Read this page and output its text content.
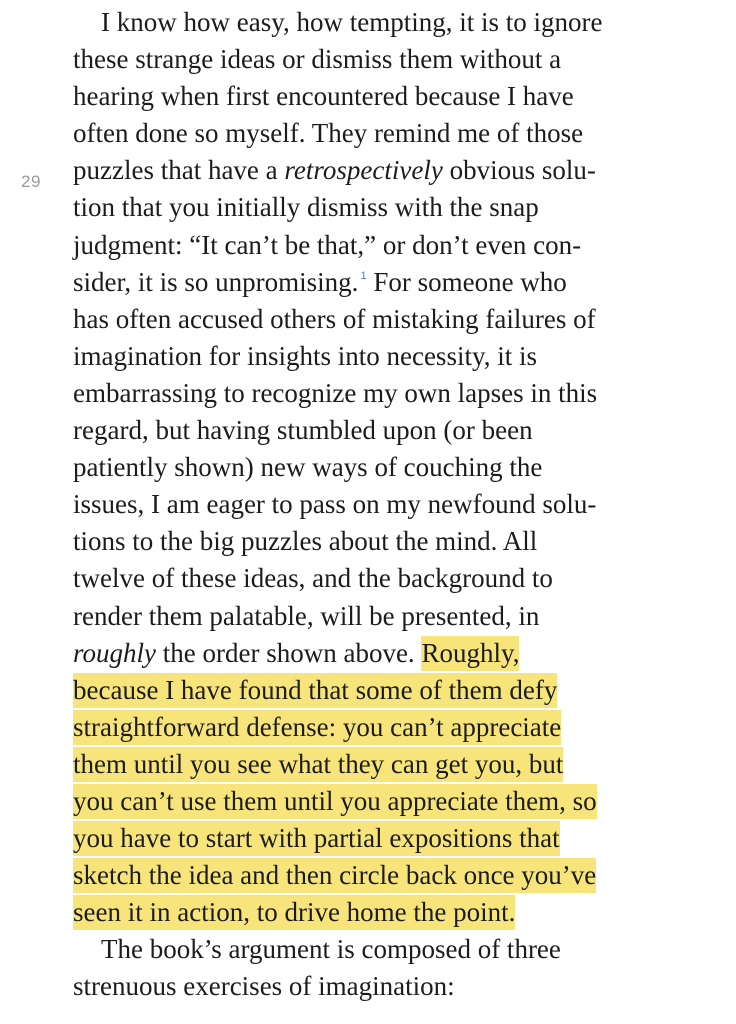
29
I know how easy, how tempting, it is to ignore
these strange ideas or dismiss them without a
hearing when first encountered because I have
often done so myself. They remind me of those
puzzles that have a retrospectively obvious solu-
tion that you initially dismiss with the snap
judgment: “It can’t be that,” or don’t even con-
sider, it is so unpromising. $^1$ For someone who
has often accused others of mistaking failures of
imagination for insights into necessity, it is
embarrassing to recognize my own lapses in this
regard, but having stumbled upon (or been
patiently shown) new ways of couching the
issues, I am eager to pass on my newfound solu-
tions to the big puzzles about the mind. All
twelve of these ideas, and the background to
render them palatable, will be presented, in
roughly the order shown above. Roughly,
because I have found that some of them defy
straightforward defense: you can’t appreciate
them until you see what they can get you, but
you can’t use them until you appreciate them, so
you have to start with partial expositions that
sketch the idea and then circle back once you’ve
seen it in action, to drive home the point.
The book’s argument is composed of three
strenuous exercises of imagination:
